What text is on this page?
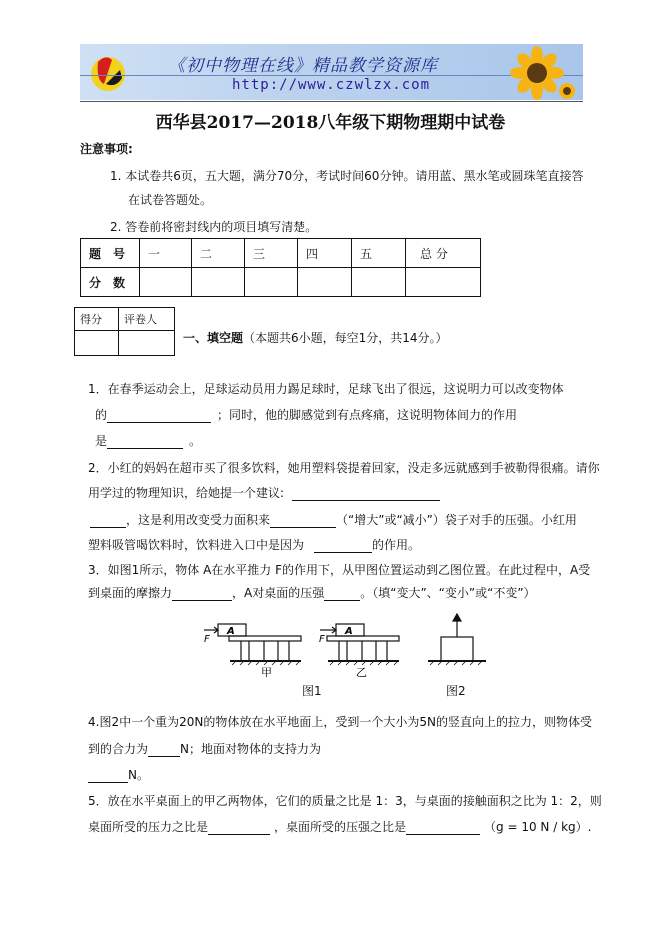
《初中物理在线》精品教学资源库
http://www.czwlzx.com
西华县2017—2018八年级下期物理期中试卷
注意事项:
1. 本试卷共6页，五大题，满分70分，考试时间60分钟。请用蓝、黑水笔或圆珠笔直接答
在试卷答题处。
2. 答卷前将密封线内的项目填写清楚。
题　号	一	二	三	四	五	总 分
分　数						
得分	评卷人

一、填空题（本题共6小题，每空1分，共14分。）
1．在春季运动会上，足球运动员用力踢足球时，足球飞出了很远，这说明力可以改变物体
的	；同时，他的脚感觉到有点疼痛，这说明物体间力的作用
是	。
2．小红的妈妈在超市买了很多饮料，她用塑料袋提着回家，没走多远就感到手被勒得很痛。请你
用学过的物理知识，给她提一个建议:
，这是利用改变受力面积来	（“增大”或“减小”）袋子对手的压强。小红用
塑料吸管喝饮料时，饮料进入口中是因为	的作用。
3．如图1所示，物体 A在水平推力 F的作用下，从甲图位置运动到乙图位置。在此过程中，A受
到桌面的摩擦力	，A对桌面的压强	。（填“变大”、“变小”或“不变”）
A
F
甲
A
F
乙
图1	图2
4.图2中一个重为20N的物体放在水平地面上，受到一个大小为5N的竖直向上的拉力，则物体受
到的合力为	N；地面对物体的支持力为
N。
5．放在水平桌面上的甲乙两物体，它们的质量之比是 1：3，与桌面的接触面积之比为 1：2，则
桌面所受的压力之比是	，桌面所受的压强之比是	（g = 10 N / kg）.
